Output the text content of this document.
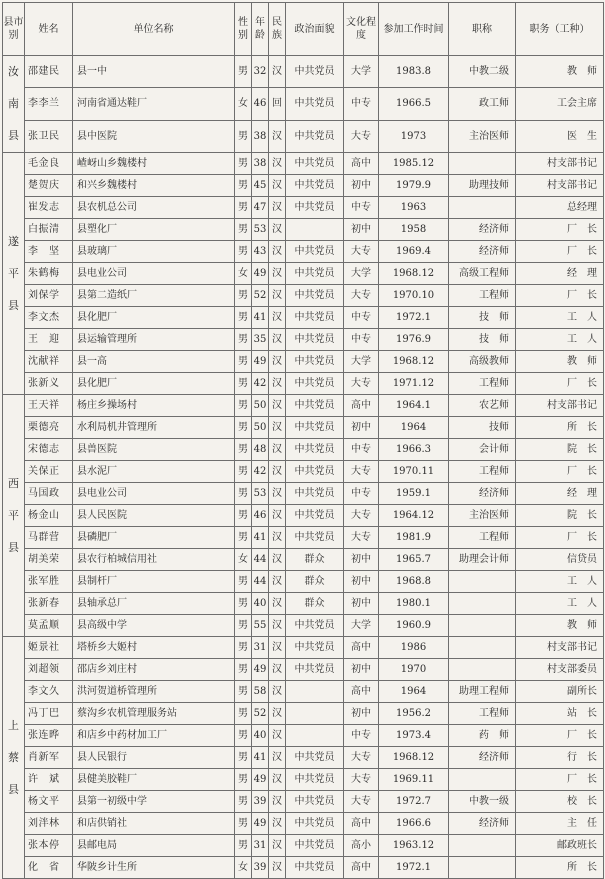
县市别	姓名	单位名称	性别	年龄	民族	政治面貌	文化程度	参加工作时间	职称	职务（工种）

汝南县	邵建民	县一中	男	32	汉	中共党员	大学	1983.8	中教二级	教　师
	李李兰	河南省通达鞋厂	女	46	回	中共党员	中专	1966.5	政工师	工会主席
	张卫民	县中医院	男	38	汉	中共党员	大专	1973	主治医师	医　生

遂平县	毛金良	嵖岈山乡魏楼村	男	38	汉	中共党员	高中	1985.12		村支部书记
	楚贺庆	和兴乡魏楼村	男	45	汉	中共党员	初中	1979.9	助理技师	村支部书记
	崔发志	县农机总公司	男	47	汉	中共党员	中专	1963		总经理
	白振清	县塑化厂	男	53	汉		初中	1958	经济师	厂　长
	李　坚	县玻璃厂	男	43	汉	中共党员	大专	1969.4	经济师	厂　长
	朱鹤梅	县电业公司	女	49	汉	中共党员	大学	1968.12	高级工程师	经　理
	刘保学	县第二造纸厂	男	52	汉	中共党员	大专	1970.10	工程师	厂　长
	李文杰	县化肥厂	男	41	汉	中共党员	中专	1972.1	技　师	工　人
	王　迎	县运输管理所	男	35	汉	中共党员	中专	1976.9	技　师	工　人
	沈献祥	县一高	男	49	汉	中共党员	大学	1968.12	高级教师	教　师
	张新义	县化肥厂	男	42	汉	中共党员	大专	1971.12	工程师	厂　长

西平县	王天祥	杨庄乡操场村	男	50	汉	中共党员	高中	1964.1	农艺师	村支部书记
	栗德亮	水利局机井管理所	男	50	汉	中共党员	初中	1964	技师	所　长
	宋德志	县兽医院	男	48	汉	中共党员	中专	1966.3	会计师	院　长
	关保正	县水泥厂	男	42	汉	中共党员	大专	1970.11	工程师	厂　长
	马国政	县电业公司	男	53	汉	中共党员	中专	1959.1	经济师	经　理
	杨金山	县人民医院	男	46	汉	中共党员	大专	1964.12	主治医师	院　长
	马群营	县磷肥厂	男	41	汉	中共党员	大专	1981.9	工程师	厂　长
	胡美荣	县农行柏城信用社	女	44	汉	群众	初中	1965.7	助理会计师	信贷员
	张军胜	县制杆厂	男	44	汉	群众	初中	1968.8		工　人
	张新春	县轴承总厂	男	40	汉	群众	初中	1980.1		工　人
	莫孟顺	县高级中学	男	55	汉	中共党员	大学	1960.9		教　师

上蔡县	姬景社	塔桥乡大姬村	男	31	汉	中共党员	高中	1986		村支部书记
	刘超领	邵店乡刘庄村	男	49	汉	中共党员	初中	1970		村支部委员
	李文久	洪河贺道桥管理所	男	58	汉		高中	1964	助理工程师	副所长
	冯丁巴	蔡沟乡农机管理服务站	男	52	汉		初中	1956.2	工程师	站　长
	张连晔	和店乡中药材加工厂	男	40	汉		中专	1973.4	药　师	厂　长
	肖新军	县人民银行	男	41	汉	中共党员	大专	1968.12	经济师	行　长
	许　斌	县健美胶鞋厂	男	49	汉	中共党员	大专	1969.11		厂　长
	杨文平	县第一初级中学	男	39	汉	中共党员	大专	1972.7	中教一级	校　长
	刘泮林	和店供销社	男	49	汉	中共党员	高中	1966.6	经济师	主　任
	张本停	县邮电局	男	31	汉	中共党员	高小	1963.12		邮政班长
	化　省	华陂乡计生所	女	39	汉	中共党员	高中	1972.1		所　长
